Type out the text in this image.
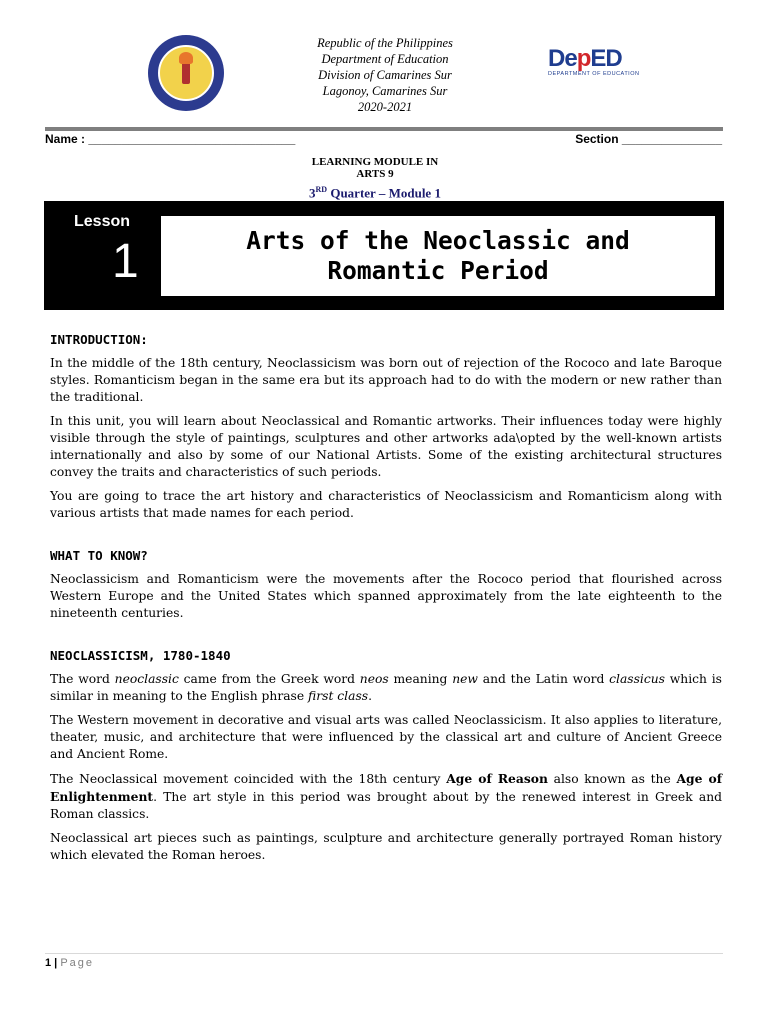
Republic of the Philippines
Department of Education
Division of Camarines Sur
Lagonoy, Camarines Sur
2020-2021
DepED
DEPARTMENT OF EDUCATION
Name : _______________________________	Section _______________
LEARNING MODULE IN
ARTS 9
3RD Quarter – Module 1
Lesson
1	Arts of the Neoclassic and Romantic Period
INTRODUCTION:

In the middle of the 18th century, Neoclassicism was born out of rejection of the Rococo and late Baroque styles. Romanticism began in the same era but its approach had to do with the modern or new rather than the traditional.

In this unit, you will learn about Neoclassical and Romantic artworks. Their influences today were highly visible through the style of paintings, sculptures and other artworks ada\opted by the well-known artists internationally and also by some of our National Artists. Some of the existing architectural structures convey the traits and characteristics of such periods.

You are going to trace the art history and characteristics of Neoclassicism and Romanticism along with various artists that made names for each period.

WHAT TO KNOW?

Neoclassicism and Romanticism were the movements after the Rococo period that flourished across Western Europe and the United States which spanned approximately from the late eighteenth to the nineteenth centuries.

NEOCLASSICISM, 1780-1840

The word neoclassic came from the Greek word neos meaning new and the Latin word classicus which is similar in meaning to the English phrase first class.

The Western movement in decorative and visual arts was called Neoclassicism. It also applies to literature, theater, music, and architecture that were influenced by the classical art and culture of Ancient Greece and Ancient Rome.

The Neoclassical movement coincided with the 18th century Age of Reason also known as the Age of Enlightenment. The art style in this period was brought about by the renewed interest in Greek and Roman classics.

Neoclassical art pieces such as paintings, sculpture and architecture generally portrayed Roman history which elevated the Roman heroes.

1 | Page
